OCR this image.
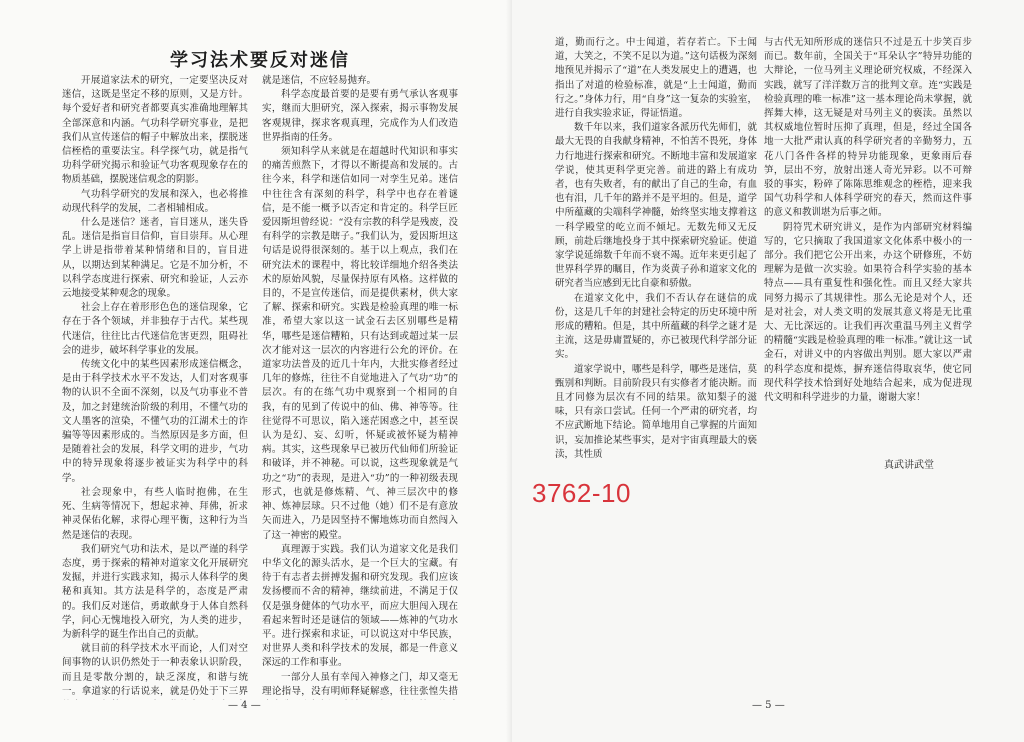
学习法术要反对迷信

开展道家法术的研究，一定要坚决反对迷信，这既是坚定不移的原则，又是方针。每个爱好者和研究者都要真实准确地理解其全部深意和内涵。气功科学研究事业，是把我们从宣传迷信的帽子中解放出来，摆脱迷信桎梏的重要法宝。科学探气功，就是指气功科学研究揭示和验证气功客观现象存在的物质基础，摆脱迷信观念的阴影。

气功科学研究的发展和深入，也必将推动现代科学的发展，二者相辅相成。

什么是迷信？迷者，盲目迷从，迷失昏乱。迷信是指盲目信仰，盲目崇拜。从心理学上讲是指带着某种情绪和目的，盲目进从，以期达到某种满足。它是不加分析，不以科学态度进行探索、研究和验证，人云亦云地接受某种观念的现象。

社会上存在着形形色色的迷信现象，它存在于各个领域，并非独存于古代。某些现代迷信，往往比古代迷信危害更烈，阻碍社会的进步，破坏科学事业的发展。

传统文化中的某些因素形成迷信概念，是由于科学技术水平不发达，人们对客观事物的认识不全面不深刻，以及气功事业不普及，加之封建统治阶级的利用，不懂气功的文人墨客的渲染，不懂气功的江湖术士的诈骗等等因素形成的。当然原因是多方面，但是随着社会的发展，科学文明的进步，气功中的特异现象将逐步被证实为科学中的科学。

社会现象中，有些人临时抱佛，在生死、生病等情况下，想起求神、拜佛，祈求神灵保佑化解，求得心理平衡，这种行为当然是迷信的表现。

我们研究气功和法术，是以严谨的科学态度，勇于探索的精神对道家文化开展研究发掘，并进行实践求知，揭示人体科学的奥秘和真知。其方法是科学的，态度是严肃的。我们反对迷信，勇敢献身于人体自然科学，问心无愧地投入研究，为人类的进步，为新科学的诞生作出自己的贡献。

就目前的科学技术水平而论，人们对空间事物的认识仍然处于一种表象认识阶段，而且是零散分割的，缺乏深度，和谐与统一。拿道家的行话说来，就是仍处于下三界

就是迷信，不应轻易抛弃。

科学态度最首要的是要有勇气承认客观事实，继而大胆研究，深入探索，揭示事物发展客观规律，探求客观真理，完成作为人们改造世界指南的任务。

须知科学从来就是在超越时代知识和事实的痛苦煎熬下，才得以不断提高和发展的。古往今来，科学和迷信如同一对孪生兄弟。迷信中往往含有深刻的科学，科学中也存在着谜信，是不能一概予以否定和肯定的。科学巨匠爱因斯坦曾经说：“没有宗教的科学是残废，没有科学的宗教是瞎子。”我们认为，爱因斯坦这句话是说得很深刻的。基于以上观点，我们在研究法术的课程中，将比较详细地介绍各类法术的原始风貌，尽量保持原有风格。这样做的目的，不是宣传迷信，而是提供素材，供大家了解、探索和研究。实践是检验真理的唯一标准，希望大家以这一试金石去区别哪些是精华，哪些是迷信糟粕，只有达到或超过某一层次才能对这一层次的内容进行公允的评价。在道家功法普及的近几十年内，大批实修者经过几年的修炼，往往不自觉地进入了气功“功”的层次。有的在练气功中观察到一个相同的自我，有的见到了传说中的仙、佛、神等等。往往觉得不可思议，陷入迷茫困惑之中，甚至误认为是幻、妄、幻听，怀疑或被怀疑为精神病。其实，这些现象早已被历代仙师们所验证和破译，并不神秘。可以说，这些现象就是气功之“功”的表现，是进入“功”的一种初级表现形式，也就是修炼精、气、神三层次中的修神、炼神层球。只不过他（她）们不是有意放矢而进入，乃是因坚持不懈地炼功而自然闯入了这一神密的殿堂。

真理源于实践。我们认为道家文化是我们中华文化的源头活水，是一个巨大的宝藏。有待于有志者去拼搏发掘和研究发现。我们应该发扬樱而不舍的精神，继续前进，不满足于仅仅是强身健体的气功水平，而应大胆闯入现在看起来暂时还是谜信的领域——炼神的气功水平。进行探索和求证，可以说这对中华民族，对世界人类和科学技术的发展，都是一件意义深远的工作和事业。

一部分人虽有幸闯入神修之门，却又毫无理论指导，没有明师释疑解惑，往往张惶失措

— 4 —

道，勤而行之。中士闻道，若存若亡。下士闻道，大笑之，不笑不足以为道。”这句话极为深刻地预见并揭示了“道”在人类发展史上的遭遇，也指出了对道的检验标准，就是“上士闻道，勤而行之。”身体力行，用“自身”这一复杂的实验室，进行自我实验求证，得证悟道。

数千年以来，我们道家各派历代先师们，就最大无畏的自我献身精神，不怕苦不畏死，身体力行地进行探索和研究。不断地丰富和发展道家学说，使其更科学更完善。前进的路上有成功者，也有失败者，有的献出了自己的生命，有血也有泪，几千年的路并不是平坦的。但是，道学中所蕴藏的尖端科学神髓，始终坚实地支撑着这一科学殿堂的屹立而不倾圮。无数先师又无反顾，前赴后继地投身于其中探索研究验证。使道家学说延绵数千年而不衰不竭。近年来更引起了世界科学界的瞩目，作为炎黄子孙和道家文化的研究者当应感到无比自豪和骄傲。

在道家文化中，我们不否认存在谜信的成份，这是几千年的封建社会特定的历史环境中所形成的糟粕。但是，其中所蕴藏的科学之谜才是主流，这是毋庸置疑的，亦已被现代科学部分证实。

道家学说中，哪些是科学，哪些是迷信，莫甄别和判断。目前阶段只有实修者才能决断。而且才同修为层次有不同的结果。欲知梨子的滋味，只有亲口尝试。任何一个严肃的研究者，均不应武断地下结论。简单地用自己掌握的片面知识，妄加推论某些事实，是对宇宙真理最大的亵渎，其性质

与古代无知所形成的迷信只不过是五十步笑百步而已。数年前，全国关于“耳朵认字”特异功能的大辩论，一位马列主义理论研究权威，不经深入实践，就写了洋洋数万言的批判文章。连“实践是检验真理的唯一标准”这一基本理论尚未掌握，就挥舞大棒，这无疑是对马列主义的亵渎。虽然以其权威地位暂时压抑了真理，但是，经过全国各地一大批严肃认真的科学研究者的辛勤努力，五花八门各件各样的特异功能现象，更象雨后春笋，层出不穷，放射出迷人奇光异彩。以不可辩驳的事实，粉碎了陈陈思维观念的桎梏，迎来我国气功科学和人体科学研究的春天，然而这件事的意义和教训堪为后事之师。

阴符咒术研究讲义，是作为内部研究材料编写的，它只摘取了我国道家文化体系中极小的一部分。我们把它公开出来，办这个研修班，不妨理解为是做一次实验。如果符合科学实验的基本特点——具有重复性和强化性。而且又经大家共同努力揭示了其规律性。那么无论是对个人，还是对社会，对人类文明的发展其意义将是无比重大、无比深远的。让我们再次重温马列主义哲学的精髓“实践是检验真理的唯一标准。”就让这一试金石，对讲义中的内容做出判别。愿大家以严肃的科学态度和提炼，摒弃迷信得取哀华，使它同现代科学技术恰到好处地结合起来，成为促进现代文明和科学进步的力量，谢谢大家！

真武讲武堂

— 5 —

3762-10
